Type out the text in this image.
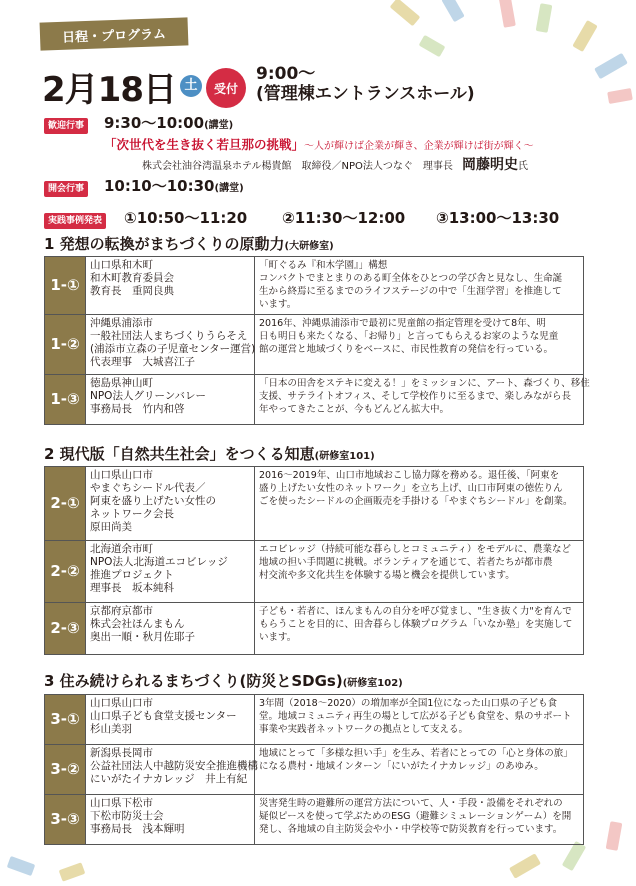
日程・プログラム
2月18日 土	受付
9:00〜
(管理棟エントランスホール)
歓迎行事 9:30〜10:00(講堂)
「次世代を生き抜く若旦那の挑戦」〜人が輝けば企業が輝き、企業が輝けば街が輝く〜
株式会社油谷湾温泉ホテル楊貴館　取締役／NPO法人つなぐ　理事長 岡藤明史氏
開会行事 10:10〜10:30(講堂)
実践事例発表 ①10:50〜11:20 ②11:30〜12:00 ③13:00〜13:30
1 発想の転換がまちづくりの原動力(大研修室)
1-①	山口県和木町
和木町教育委員会
教育長　重岡良典	「町ぐるみ『和木学園』」構想
コンパクトでまとまりのある町全体をひとつの学び舎と見なし、生命誕
生から終焉に至るまでのライフステージの中で「生涯学習」を推進して
います。

1-②	沖縄県浦添市
一般社団法人まちづくりうらそえ
(浦添市立森の子児童センター運営)
代表理事　大城喜江子	2016年、沖縄県浦添市で最初に児童館の指定管理を受けて8年、明
日も明日も来たくなる、「お帰り」と言ってもらえるお家のような児童
館の運営と地域づくりをベースに、市民性教育の発信を行っている。

1-③	徳島県神山町
NPO法人グリーンバレー
事務局長　竹内和啓	「日本の田舎をステキに変える！」をミッションに、アート、森づくり、移住
支援、サテライトオフィス、そして学校作りに至るまで、楽しみながら長
年やってきたことが、今もどんどん拡大中。
2 現代版「自然共生社会」をつくる知恵(研修室101)
2-①	山口県山口市
やまぐちシードル代表／
阿東を盛り上げたい女性の
ネットワーク会長
原田尚美	2016〜2019年、山口市地域おこし協力隊を務める。退任後、「阿東を
盛り上げたい女性のネットワーク」を立ち上げ、山口市阿東の徳佐りん
ごを使ったシードルの企画販売を手掛ける「やまぐちシードル」を創業。

2-②	北海道余市町
NPO法人北海道エコビレッジ
推進プロジェクト
理事長　坂本純科	エコビレッジ（持続可能な暮らしとコミュニティ）をモデルに、農業など
地域の担い手問題に挑戦。ボランティアを通じて、若者たちが都市農
村交流や多文化共生を体験する場と機会を提供しています。

2-③	京都府京都市
株式会社ほんまもん
奥出一順・秋月佐耶子	子ども・若者に、ほんまもんの自分を呼び覚まし、"生き抜く力"を育んで
もらうことを目的に、田舎暮らし体験プログラム「いなか塾」を実施して
います。
3 住み続けられるまちづくり(防災とSDGs)(研修室102)
3-①	山口県山口市
山口県子ども食堂支援センター
杉山美羽	3年間（2018〜2020）の増加率が全国1位になった山口県の子ども食
堂。地域コミュニティ再生の場として広がる子ども食堂を、県のサポート
事業や実践者ネットワークの拠点として支える。

3-②	新潟県長岡市
公益社団法人中越防災安全推進機構
にいがたイナカレッジ　井上有紀	地域にとって「多様な担い手」を生み、若者にとっての「心と身体の旅」
になる農村・地域インターン「にいがたイナカレッジ」のあゆみ。

3-③	山口県下松市
下松市防災士会
事務局長　浅本輝明	災害発生時の避難所の運営方法について、人・手段・設備をそれぞれの
疑似ピースを使って学ぶためのESG（避難シミュレーションゲーム）を開
発し、各地域の自主防災会や小・中学校等で防災教育を行っています。
